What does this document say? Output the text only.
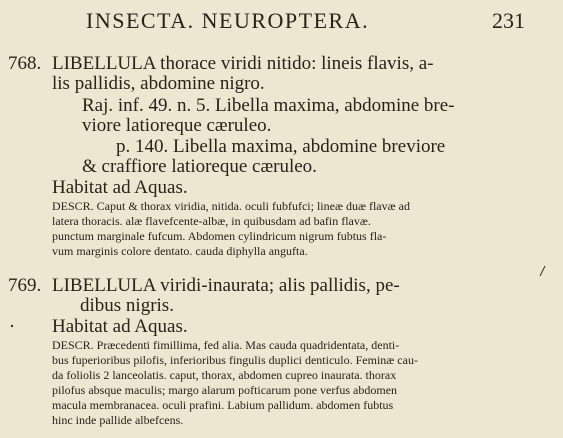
INSECTA. NEUROPTERA.	231
768. LIBELLULA thorace viridi nitido: lineis flavis, a-
lis pallidis, abdomine nigro.
Raj. inf. 49. n. 5. Libella maxima, abdomine bre-
viore latioreque cæruleo.
p. 140. Libella maxima, abdomine breviore
& craffiore latioreque cæruleo.
Habitat ad Aquas.
DESCR. Caput & thorax viridia, nitida. oculi fubfufci; lineæ duæ flavæ ad
latera thoracis. alæ flavefcente-albæ, in quibusdam ad bafin flavæ.
punctum marginale fufcum. Abdomen cylindricum nigrum fubtus fla-
vum marginis colore dentato. cauda diphylla angufta.
769. LIBELLULA viridi-inaurata; alis pallidis, pe-
dibus nigris.
Habitat ad Aquas.
DESCR. Præcedenti fimillima, fed alia. Mas cauda quadridentata, denti-
bus fuperioribus pilofis, inferioribus fingulis duplici denticulo. Feminæ cau-
da foliolis 2 lanceolatis. caput, thorax, abdomen cupreo inaurata. thorax
pilofus absque maculis; margo alarum pofticarum pone verfus abdomen
macula membranacea. oculi prafini. Labium pallidum. abdomen fubtus
hinc inde pallide albefcens.
